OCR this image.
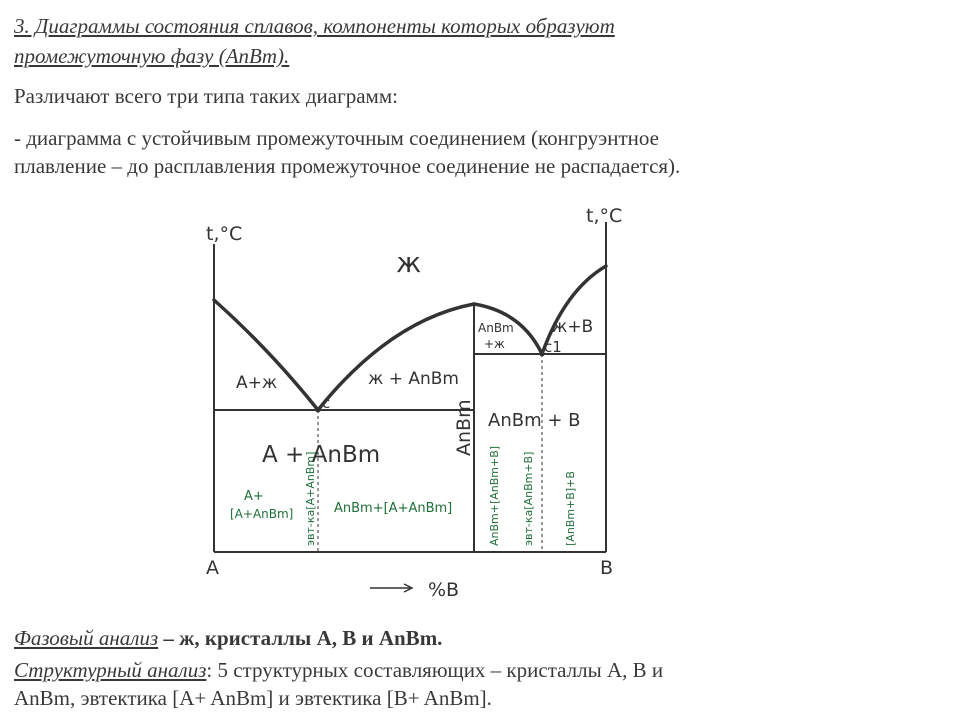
3. Диаграммы состояния сплавов, компоненты которых образуют
промежуточную фазу (AnBm).
Различают всего три типа таких диаграмм:
- диаграмма с устойчивым промежуточным соединением (конгруэнтное
плавление – до расплавления промежуточное соединение не распадается).
t,°C
t,°C
ж
A+ж	ж + AnBm
AnBm
+ж
ж+B
c
c1
AnBm
A + AnBm
AnBm + B
A+
[A+AnBm] эвт-ка[A+AnBm] AnBm+[A+AnBm]	AnBm+[AnBm+B] эвт-ка[AnBm+B]	[AnBm+B]+B
A	B
%B
Фазовый анализ – ж, кристаллы A, B и AnBm.
Структурный анализ: 5 структурных составляющих – кристаллы A, B и
AnBm, эвтектика [A+ AnBm] и эвтектика [B+ AnBm].
